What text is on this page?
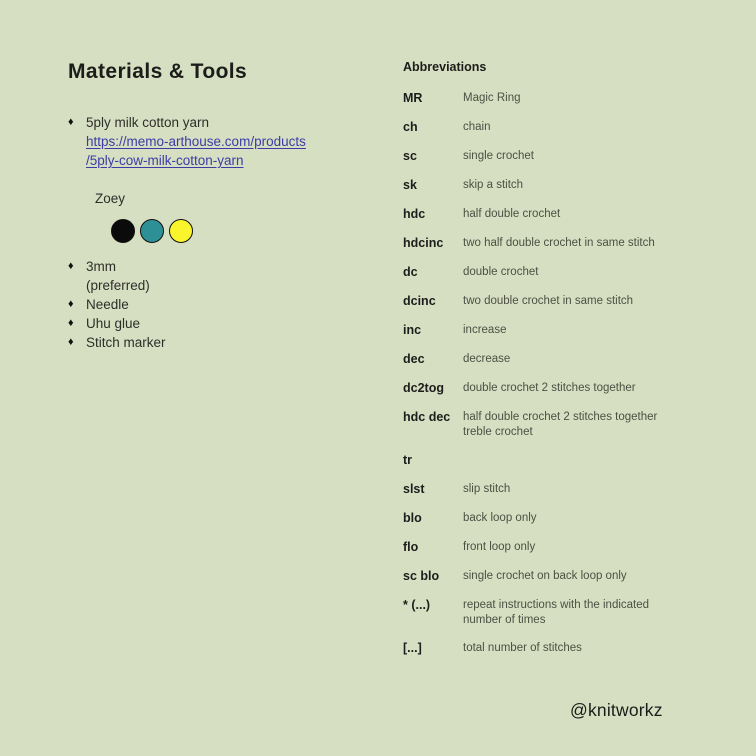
Materials & Tools
♦ 5ply milk cotton yarn
https://memo-arthouse.com/products
/5ply-cow-milk-cotton-yarn
Zoey
♦ 3mm
(preferred)
♦ Needle
♦ Uhu glue
♦ Stitch marker
Abbreviations
MR	Magic Ring
ch	chain
sc	single crochet
sk	skip a stitch
hdc	half double crochet
hdcinc	two half double crochet in same stitch
dc	double crochet
dcinc	two double crochet in same stitch
inc	increase
dec	decrease
dc2tog	double crochet 2 stitches together
hdc dec	half double crochet 2 stitches together treble crochet
tr
slst	slip stitch
blo	back loop only
flo	front loop only
sc blo	single crochet on back loop only
* (...)	repeat instructions with the indicated number of times
[...]	total number of stitches
@knitworkz
